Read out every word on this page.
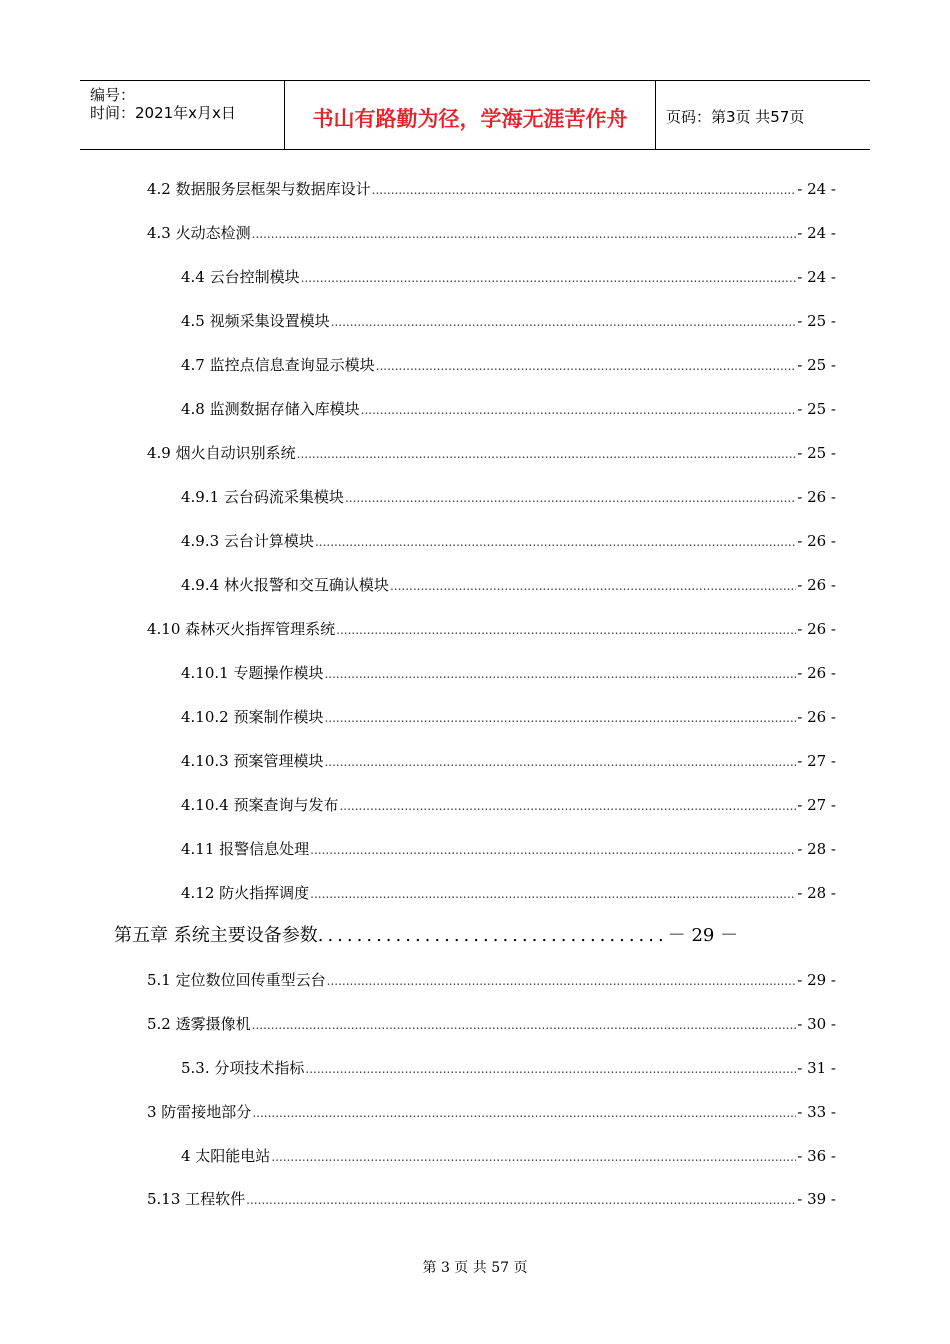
编号：
时间：2021年x月x日	书山有路勤为径，学海无涯苦作舟	页码：第3页 共57页
4.2 数据服务层框架与数据库设计 .....	- 24 -
4.3 火动态检测 .....	- 24 -
4.4 云台控制模块 .....	- 24 -
4.5 视频采集设置模块 .....	- 25 -
4.7 监控点信息查询显示模块 .....	- 25 -
4.8 监测数据存储入库模块 .....	- 25 -
4.9 烟火自动识别系统 .....	- 25 -
4.9.1 云台码流采集模块 .....	- 26 -
4.9.3 云台计算模块 .....	- 26 -
4.9.4 林火报警和交互确认模块 .....	- 26 -
4.10 森林灭火指挥管理系统 .....	- 26 -
4.10.1 专题操作模块 .....	- 26 -
4.10.2 预案制作模块 .....	- 26 -
4.10.3 预案管理模块 .....	- 27 -
4.10.4 预案查询与发布 .....	- 27 -
4.11 报警信息处理 .....	- 28 -
4.12 防火指挥调度 .....	- 28 -
第五章 系统主要设备参数....................................－ 29 －
5.1 定位数位回传重型云台 .....	- 29 -
5.2 透雾摄像机 .....	- 30 -
5.3. 分项技术指标 .....	- 31 -
3 防雷接地部分 .....	- 33 -
4 太阳能电站 .....	- 36 -
5.13 工程软件 .....	- 39 -
第 3 页 共 57 页
